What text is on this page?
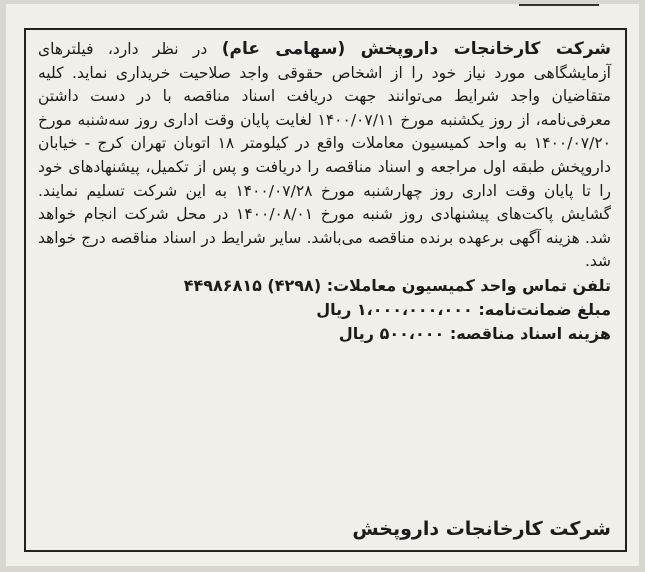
شرکت کارخانجات داروپخش (سهامی عام) در نظر دارد، فیلترهای آزمایشگاهی مورد نیاز خود را از اشخاص حقوقی واجد صلاحیت خریداری نماید. کلیه متقاضیان واجد شرایط می‌توانند جهت دریافت اسناد مناقصه با در دست داشتن معرفی‌نامه، از روز یکشنبه مورخ ۱۴۰۰/۰۷/۱۱ لغایت پایان وقت اداری روز سه‌شنبه مورخ ۱۴۰۰/۰۷/۲۰ به واحد کمیسیون معاملات واقع در کیلومتر ۱۸ اتوبان تهران کرج - خیابان داروپخش طبقه اول مراجعه و اسناد مناقصه را دریافت و پس از تکمیل، پیشنهادهای خود را تا پایان وقت اداری روز چهارشنبه مورخ ۱۴۰۰/۰۷/۲۸ به این شرکت تسلیم نمایند. گشایش پاکت‌های پیشنهادی روز شنبه مورخ ۱۴۰۰/۰۸/۰۱ در محل شرکت انجام خواهد شد. هزینه آگهی برعهده برنده مناقصه می‌باشد. سایر شرایط در اسناد مناقصه درج خواهد شد.

تلفن تماس واحد کمیسیون معاملات: (۴۲۹۸) ۴۴۹۸۶۸۱۵

مبلغ ضمانت‌نامه: ۱،۰۰۰،۰۰۰،۰۰۰ ریال

هزینه اسناد مناقصه: ۵۰۰،۰۰۰ ریال

شرکت کارخانجات داروپخش
